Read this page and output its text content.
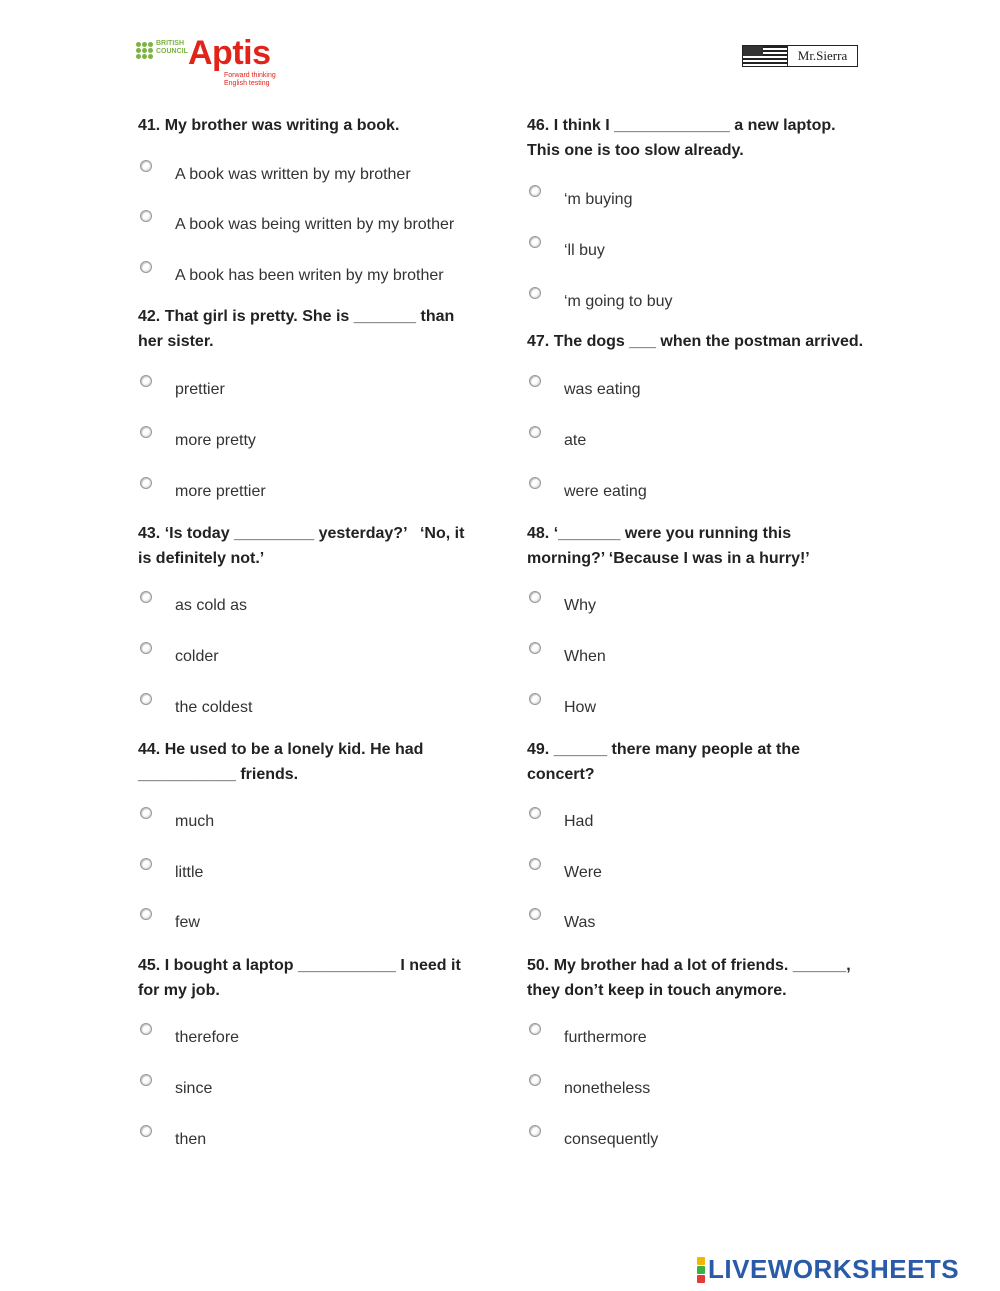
BRITISH COUNCIL Aptis
Forward thinking English testing
Mr.Sierra
41. My brother was writing a book.
A book was written by my brother
A book was being written by my brother
A book has been writen by my brother
42. That girl is pretty. She is _______ than
her sister.
prettier
more pretty
more prettier
43. ‘Is today _________ yesterday?’   ‘No, it
is definitely not.’
as cold as
colder
the coldest
44. He used to be a lonely kid. He had
___________ friends.
much
little
few
45. I bought a laptop ___________ I need it
for my job.
therefore
since
then
46. I think I _____________ a new laptop.
This one is too slow already.
‘m buying
‘ll buy
‘m going to buy
47. The dogs ___ when the postman arrived.
was eating
ate
were eating
48. ‘_______ were you running this
morning?’ ‘Because I was in a hurry!’
Why
When
How
49. ______ there many people at the
concert?
Had
Were
Was
50. My brother had a lot of friends. ______,
they don’t keep in touch anymore.
furthermore
nonetheless
consequently
LIVEWORKSHEETS
